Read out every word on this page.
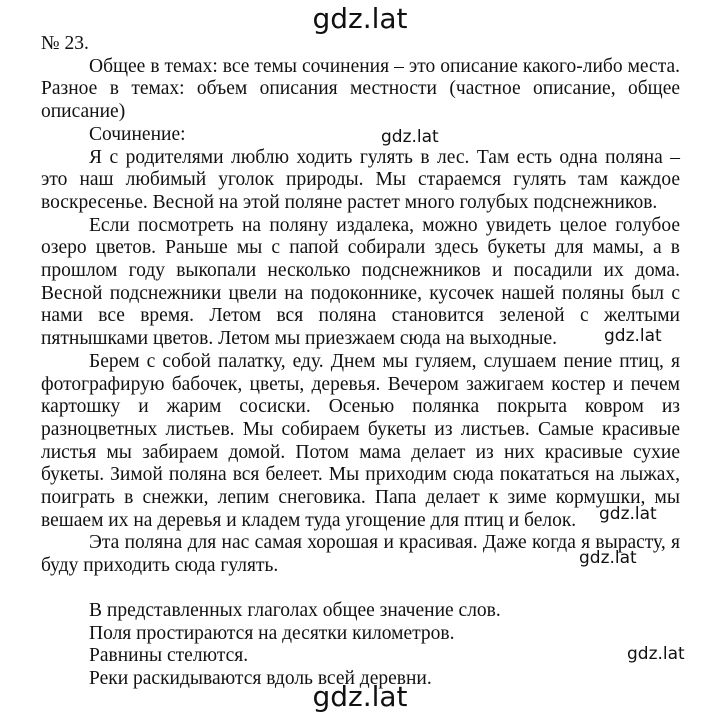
gdz.lat

№ 23.

Общее в темах: все темы сочинения – это описание какого-либо места. Разное в темах: объем описания местности (частное описание, общее описание)

Сочинение:

Я с родителями люблю ходить гулять в лес. Там есть одна поляна – это наш любимый уголок природы. Мы стараемся гулять там каждое воскресенье. Весной на этой поляне растет много голубых подснежников.

Если посмотреть на поляну издалека, можно увидеть целое голубое озеро цветов. Раньше мы с папой собирали здесь букеты для мамы, а в прошлом году выкопали несколько подснежников и посадили их дома. Весной подснежники цвели на подоконнике, кусочек нашей поляны был с нами все время. Летом вся поляна становится зеленой с желтыми пятнышками цветов. Летом мы приезжаем сюда на выходные.

Берем с собой палатку, еду. Днем мы гуляем, слушаем пение птиц, я фотографирую бабочек, цветы, деревья. Вечером зажигаем костер и печем картошку и жарим сосиски. Осенью полянка покрыта ковром из разноцветных листьев. Мы собираем букеты из листьев. Самые красивые листья мы забираем домой. Потом мама делает из них красивые сухие букеты. Зимой поляна вся белеет. Мы приходим сюда покататься на лыжах, поиграть в снежки, лепим снеговика. Папа делает к зиме кормушки, мы вешаем их на деревья и кладем туда угощение для птиц и белок.

Эта поляна для нас самая хорошая и красивая. Даже когда я вырасту, я буду приходить сюда гулять.

В представленных глаголах общее значение слов.

Поля простираются на десятки километров.

Равнины стелются.

Реки раскидываются вдоль всей деревни.

gdz.lat
gdz.lat
gdz.lat
gdz.lat
gdz.lat
gdz.lat
